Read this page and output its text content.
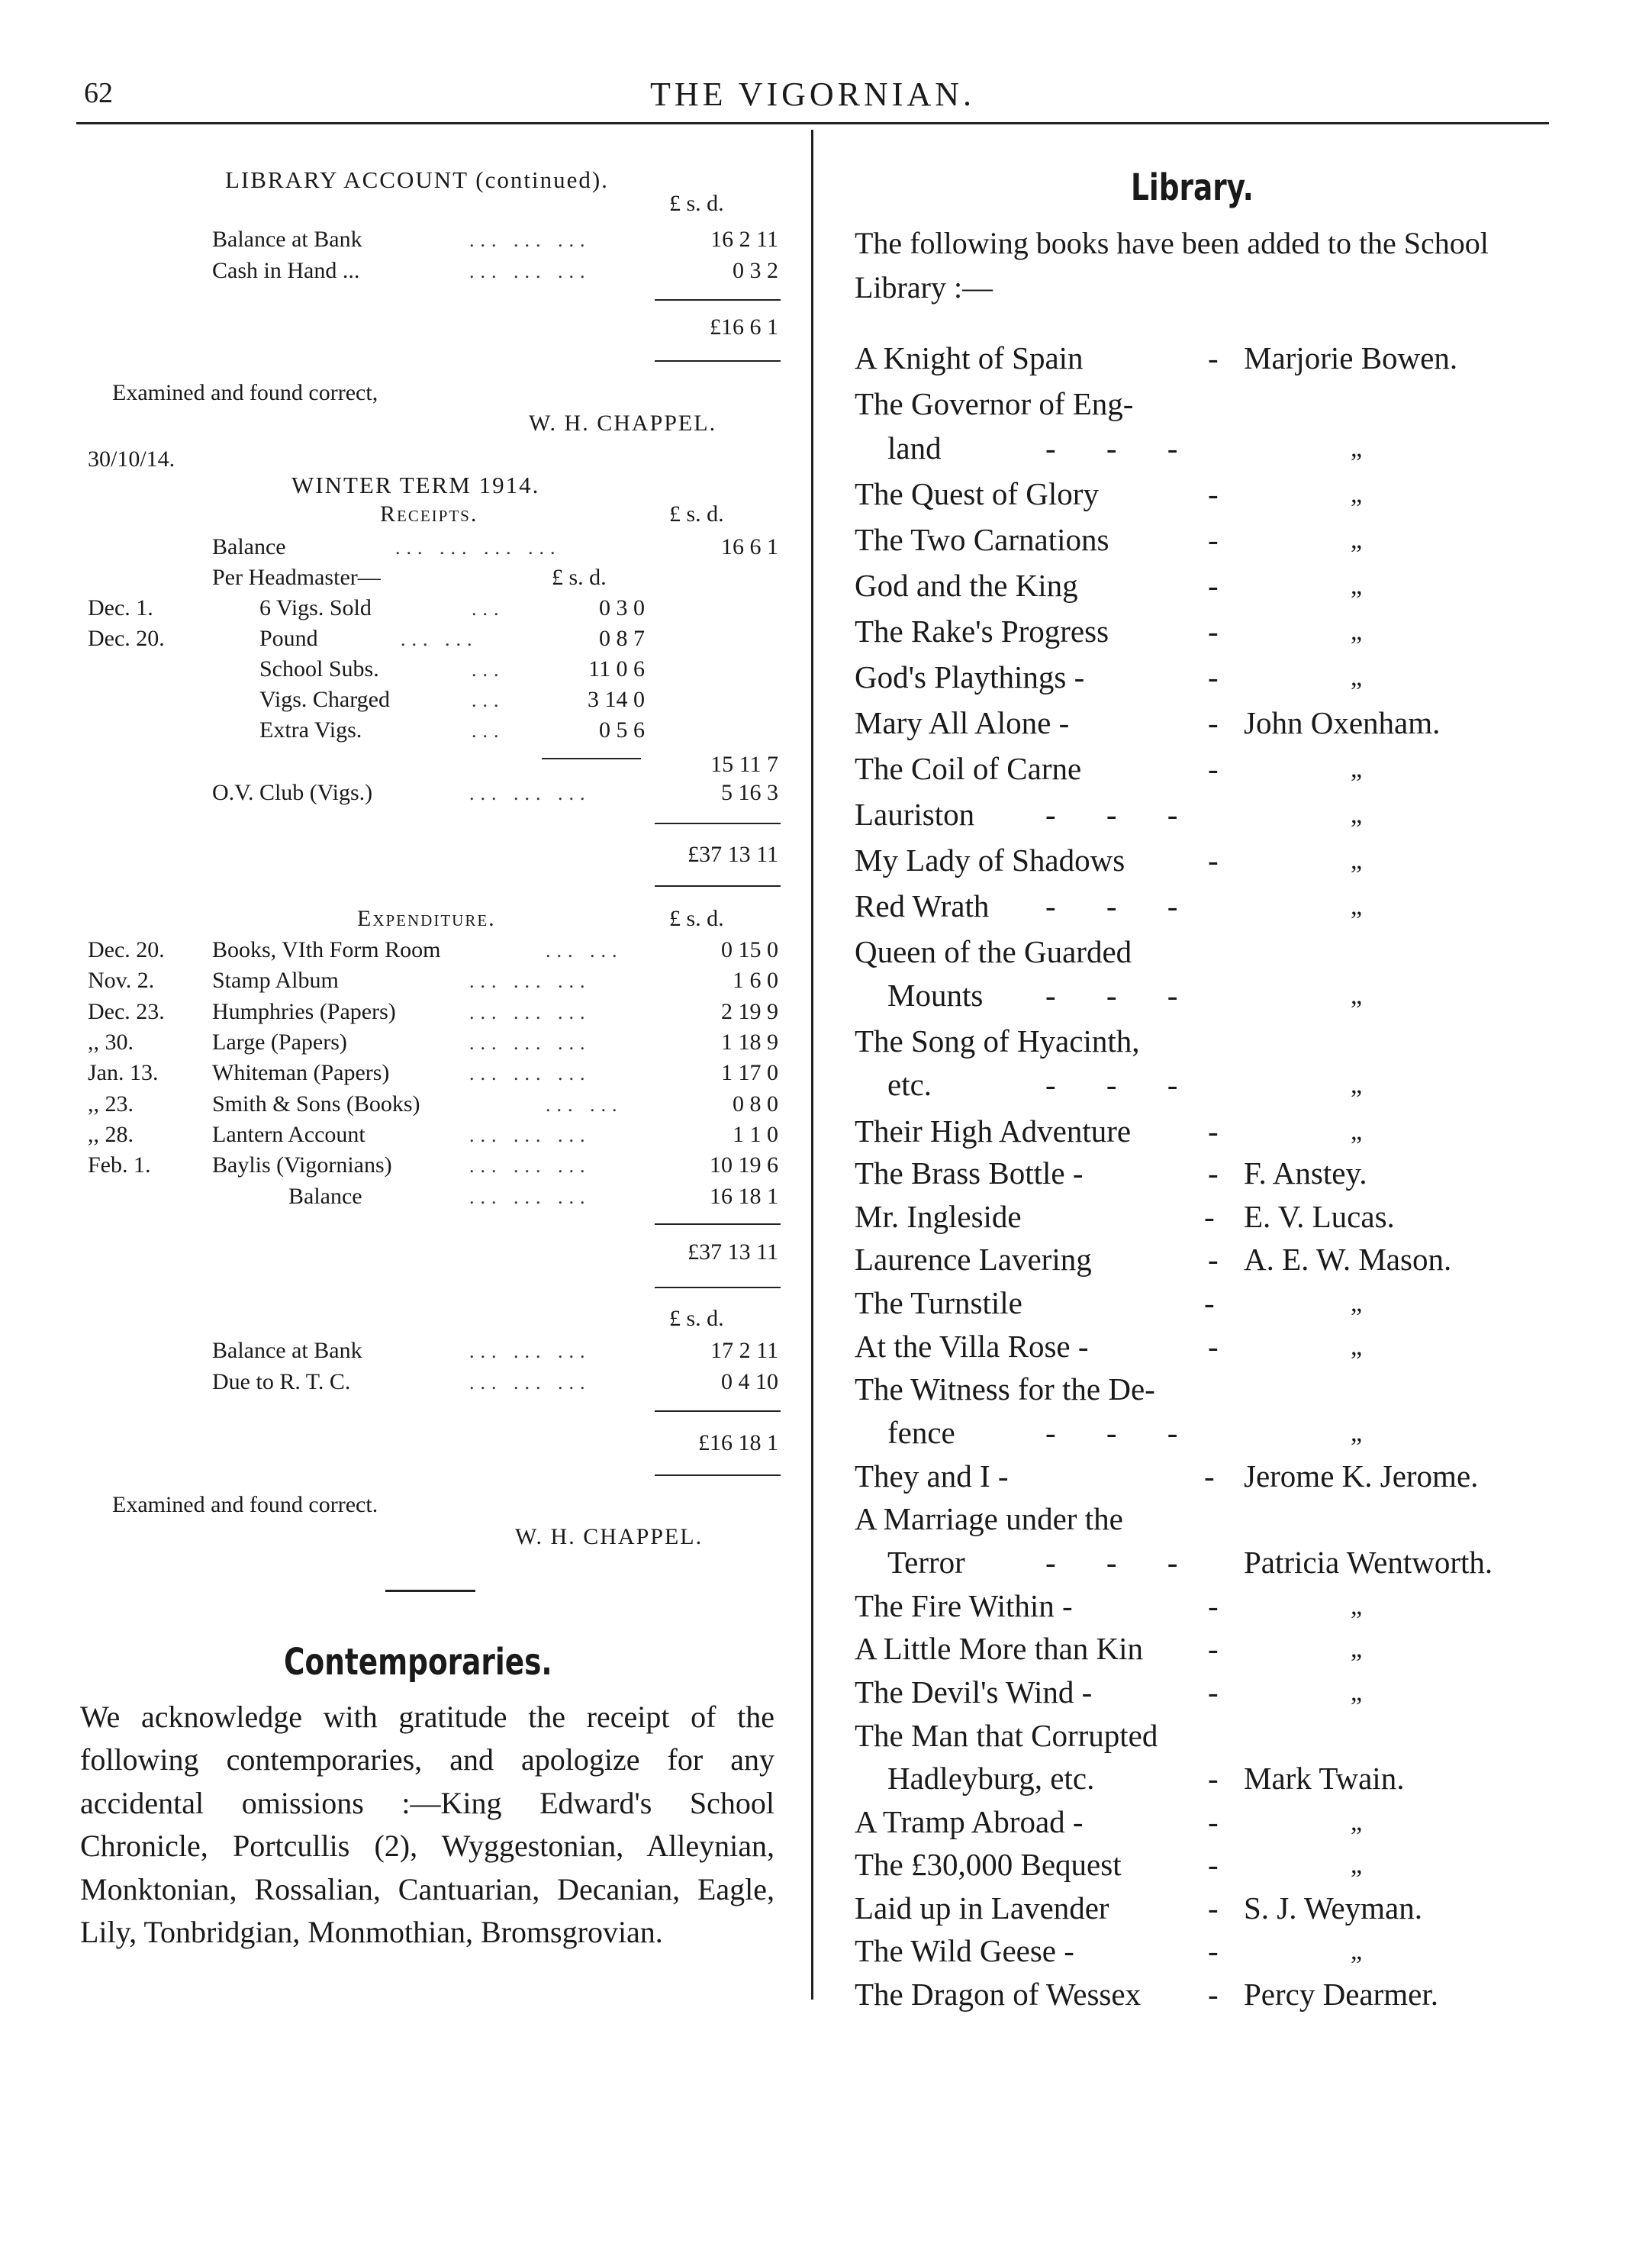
62	THE VIGORNIAN.
LIBRARY ACCOUNT (continued).
£ s. d.
Balance at Bank	... ... ...	16 2 11
Cash in Hand ...	... ... ...	0 3 2
£16 6 1
Examined and found correct,
W. H. CHAPPEL.
30/10/14.
WINTER TERM 1914.
Receipts.	£ s. d.
Balance	... ... ... ...	16 6 1
Per Headmaster—	£ s. d.
Dec. 1.	6 Vigs. Sold	...	0 3 0
Dec. 20.	Pound	... ...	0 8 7
School Subs.	...	11 0 6
Vigs. Charged	...	3 14 0
Extra Vigs.	...	0 5 6
15 11 7
O.V. Club (Vigs.)	... ... ...	5 16 3
£37 13 11
Expenditure.	£ s. d.
Dec. 20. Books, VIth Form Room	... ...	0 15 0
Nov. 2.	Stamp Album	... ... ...	1 6 0
Dec. 23. Humphries (Papers)	... ... ...	2 19 9
,, 30.	Large (Papers)	... ... ...	1 18 9
Jan. 13. Whiteman (Papers)	... ... ...	1 17 0
,, 23.	Smith & Sons (Books)	... ...	0 8 0
,, 28.	Lantern Account	... ... ...	1 1 0
Feb. 1.	Baylis (Vigornians)	... ... ...	10 19 6
Balance	... ... ...	16 18 1
£37 13 11
£ s. d.
Balance at Bank	... ... ...	17 2 11
Due to R. T. C.	... ... ...	0 4 10
£16 18 1
Examined and found correct.
W. H. CHAPPEL.
Contemporaries.
We acknowledge with gratitude the receipt of the following contemporaries, and apologize for any accidental omissions :—King Edward's School Chronicle, Portcullis (2), Wyggestonian, Alleynian, Monktonian, Rossalian, Cantuarian, Decanian, Eagle, Lily, Tonbridgian, Monmothian, Bromsgrovian.
Library.
The following books have been added to the School Library :—
A Knight of Spain	- Marjorie Bowen.
The Governor of Eng-
land	- - -	„
The Quest of Glory	-	„
The Two Carnations	-	„
God and the King	-	„
The Rake's Progress	-	„
God's Playthings -	-	„
Mary All Alone -	- John Oxenham.
The Coil of Carne	-	„
Lauriston - - -	„
My Lady of Shadows	-	„
Red Wrath - - -	„
Queen of the Guarded
Mounts - - -	„
The Song of Hyacinth,
etc.	- - -	„
Their High Adventure -	„
The Brass Bottle -	- F. Anstey.
Mr. Ingleside	- E. V. Lucas.
Laurence Lavering	- A. E. W. Mason.
The Turnstile	-	„
At the Villa Rose -	-	„
The Witness for the De-
fence	- - -	„
They and I -	- Jerome K. Jerome.
A Marriage under the
Terror	- - - Patricia Wentworth.
The Fire Within -	-	„
A Little More than Kin -	„
The Devil's Wind -	-	„
The Man that Corrupted
Hadleyburg, etc.	- Mark Twain.
A Tramp Abroad -	-	„
The £30,000 Bequest	-	„
Laid up in Lavender	- S. J. Weyman.
The Wild Geese -	-	„
The Dragon of Wessex - Percy Dearmer.
